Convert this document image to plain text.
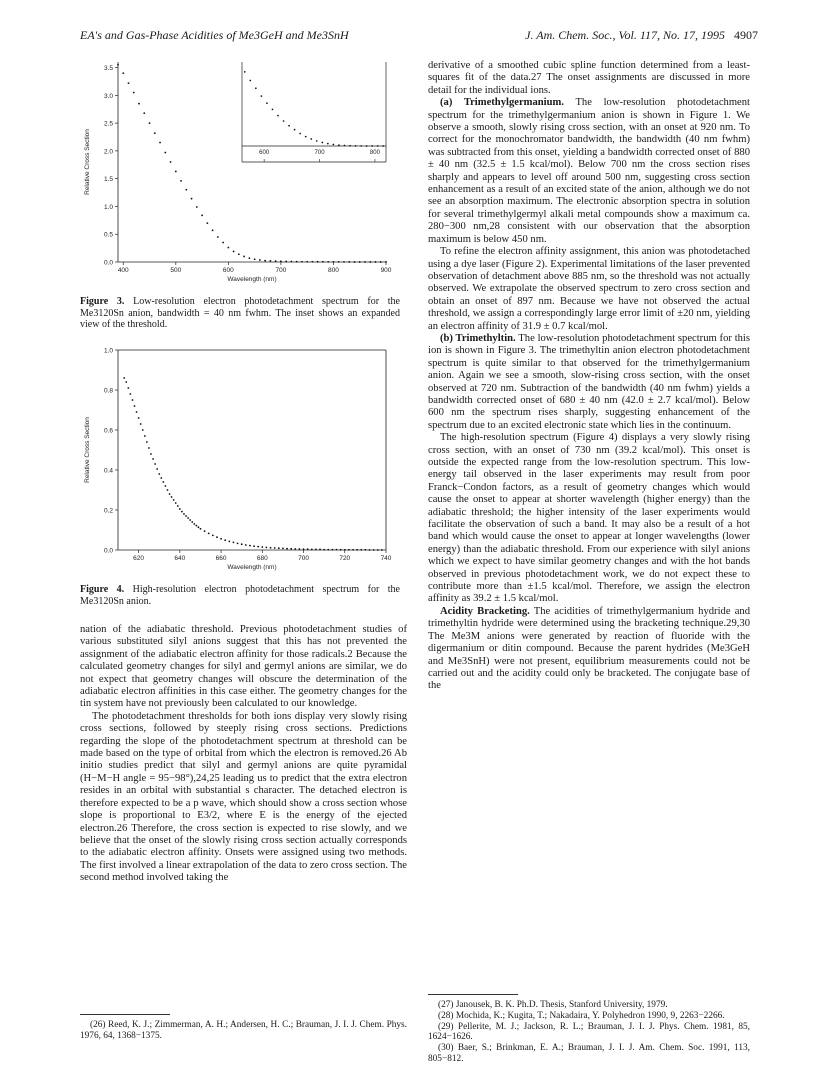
EA's and Gas-Phase Acidities of Me3GeH and Me3SnH	J. Am. Chem. Soc., Vol. 117, No. 17, 1995 4907
0.0
0.5
1.0
1.5
2.0
2.5
3.0
3.5
400	500	600	700	800	900
Wavelength (nm)
Relative Cross Section	600	700	800
Figure 3. Low-resolution electron photodetachment spectrum for the Me3120Sn anion, bandwidth = 40 nm fwhm. The inset shows an expanded view of the threshold.
0.0
0.2
0.4
0.6
0.8
1.0
620	640	660	680	700	720	740
Wavelength (nm)
Relative Cross Section
Figure 4. High-resolution electron photodetachment spectrum for the Me3120Sn anion.

nation of the adiabatic threshold. Previous photodetachment studies of various substituted silyl anions suggest that this has not prevented the assignment of the adiabatic electron affinity for those radicals.2 Because the calculated geometry changes for silyl and germyl anions are similar, we do not expect that geometry changes will obscure the determination of the adiabatic electron affinities in this case either. The geometry changes for the tin system have not previously been calculated to our knowledge.

The photodetachment thresholds for both ions display very slowly rising cross sections, followed by steeply rising cross sections. Predictions regarding the slope of the photodetachment spectrum at threshold can be made based on the type of orbital from which the electron is removed.26 Ab initio studies predict that silyl and germyl anions are quite pyramidal (H−M−H angle = 95−98°),24,25 leading us to predict that the extra electron resides in an orbital with substantial s character. The detached electron is therefore expected to be a p wave, which should show a cross section whose slope is proportional to E3/2, where E is the energy of the ejected electron.26 Therefore, the cross section is expected to rise slowly, and we believe that the onset of the slowly rising cross section actually corresponds to the adiabatic electron affinity. Onsets were assigned using two methods. The first involved a linear extrapolation of the data to zero cross section. The second method involved taking the

derivative of a smoothed cubic spline function determined from a least-squares fit of the data.27 The onset assignments are discussed in more detail for the individual ions.

(a) Trimethylgermanium. The low-resolution photodetachment spectrum for the trimethylgermanium anion is shown in Figure 1. We observe a smooth, slowly rising cross section, with an onset at 920 nm. To correct for the monochromator bandwidth, the bandwidth (40 nm fwhm) was subtracted from this onset, yielding a bandwidth corrected onset of 880 ± 40 nm (32.5 ± 1.5 kcal/mol). Below 700 nm the cross section rises sharply and appears to level off around 500 nm, suggesting cross section enhancement as a result of an excited state of the anion, although we do not see an absorption maximum. The electronic absorption spectra in solution for several trimethylgermyl alkali metal compounds show a maximum ca. 280−300 nm,28 consistent with our observation that the absorption maximum is below 450 nm.

To refine the electron affinity assignment, this anion was photodetached using a dye laser (Figure 2). Experimental limitations of the laser prevented observation of detachment above 885 nm, so the threshold was not actually observed. We extrapolate the observed spectrum to zero cross section and obtain an onset of 897 nm. Because we have not observed the actual threshold, we assign a correspondingly large error limit of ±20 nm, yielding an electron affinity of 31.9 ± 0.7 kcal/mol.

(b) Trimethyltin. The low-resolution photodetachment spectrum for this ion is shown in Figure 3. The trimethyltin anion electron photodetachment spectrum is quite similar to that observed for the trimethylgermanium anion. Again we see a smooth, slow-rising cross section, with the onset observed at 720 nm. Subtraction of the bandwidth (40 nm fwhm) yields a bandwidth corrected onset of 680 ± 40 nm (42.0 ± 2.7 kcal/mol). Below 600 nm the spectrum rises sharply, suggesting enhancement of the spectrum due to an excited electronic state which lies in the continuum.

The high-resolution spectrum (Figure 4) displays a very slowly rising cross section, with an onset of 730 nm (39.2 kcal/mol). This onset is outside the expected range from the low-resolution spectrum. This low-energy tail observed in the laser experiments may result from poor Franck−Condon factors, as a result of geometry changes which would cause the onset to appear at shorter wavelength (higher energy) than the adiabatic threshold; the higher intensity of the laser experiments would facilitate the observation of such a band. It may also be a result of a hot band which would cause the onset to appear at longer wavelengths (lower energy) than the adiabatic threshold. From our experience with silyl anions which we expect to have similar geometry changes and with the hot bands observed in previous photodetachment work, we do not expect these to contribute more than ±1.5 kcal/mol. Therefore, we assign the electron affinity as 39.2 ± 1.5 kcal/mol.

Acidity Bracketing. The acidities of trimethylgermanium hydride and trimethyltin hydride were determined using the bracketing technique.29,30 The Me3M anions were generated by reaction of fluoride with the digermanium or ditin compound. Because the parent hydrides (Me3GeH and Me3SnH) were not present, equilibrium measurements could not be carried out and the acidity could only be bracketed. The conjugate base of the

(26) Reed, K. J.; Zimmerman, A. H.; Andersen, H. C.; Brauman, J. I. J. Chem. Phys. 1976, 64, 1368−1375.
(27) Janousek, B. K. Ph.D. Thesis, Stanford University, 1979.
(28) Mochida, K.; Kugita, T.; Nakadaira, Y. Polyhedron 1990, 9, 2263−2266.
(29) Pellerite, M. J.; Jackson, R. L.; Brauman, J. I. J. Phys. Chem. 1981, 85, 1624−1626.
(30) Baer, S.; Brinkman, E. A.; Brauman, J. I. J. Am. Chem. Soc. 1991, 113, 805−812.
